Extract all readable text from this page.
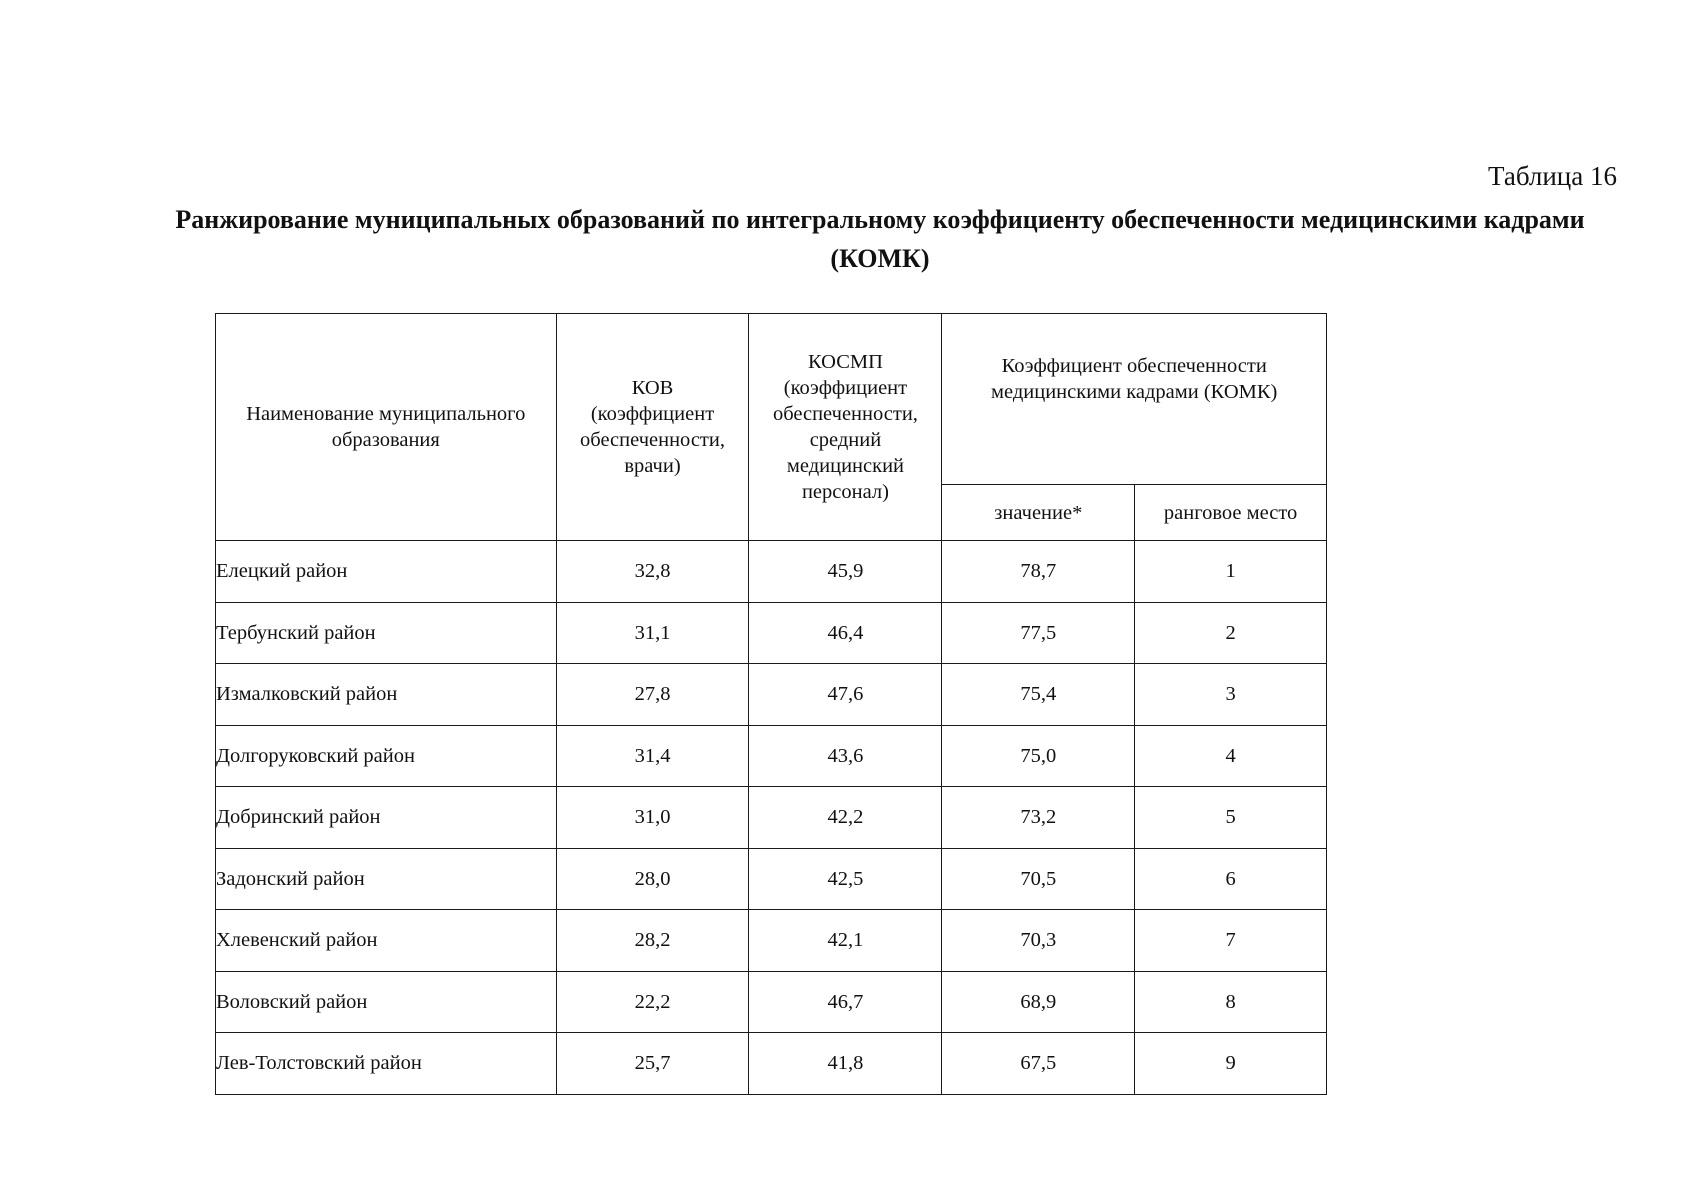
Таблица 16
Ранжирование муниципальных образований по интегральному коэффициенту обеспеченности медицинскими кадрами (КОМК)
Наименование муниципального образования	КОВ (коэффициент обеспеченности, врачи)	КОСМП (коэффициент обеспеченности, средний медицинский персонал)	Коэффициент обеспеченности медицинскими кадрами (КОМК)	

			значение*	ранговое место

Елецкий район	32,8	45,9	78,7	1
Тербунский район	31,1	46,4	77,5	2
Измалковский район	27,8	47,6	75,4	3
Долгоруковский район	31,4	43,6	75,0	4
Добринский район	31,0	42,2	73,2	5
Задонский район	28,0	42,5	70,5	6
Хлевенский район	28,2	42,1	70,3	7
Воловский район	22,2	46,7	68,9	8
Лев-Толстовский район	25,7	41,8	67,5	9
